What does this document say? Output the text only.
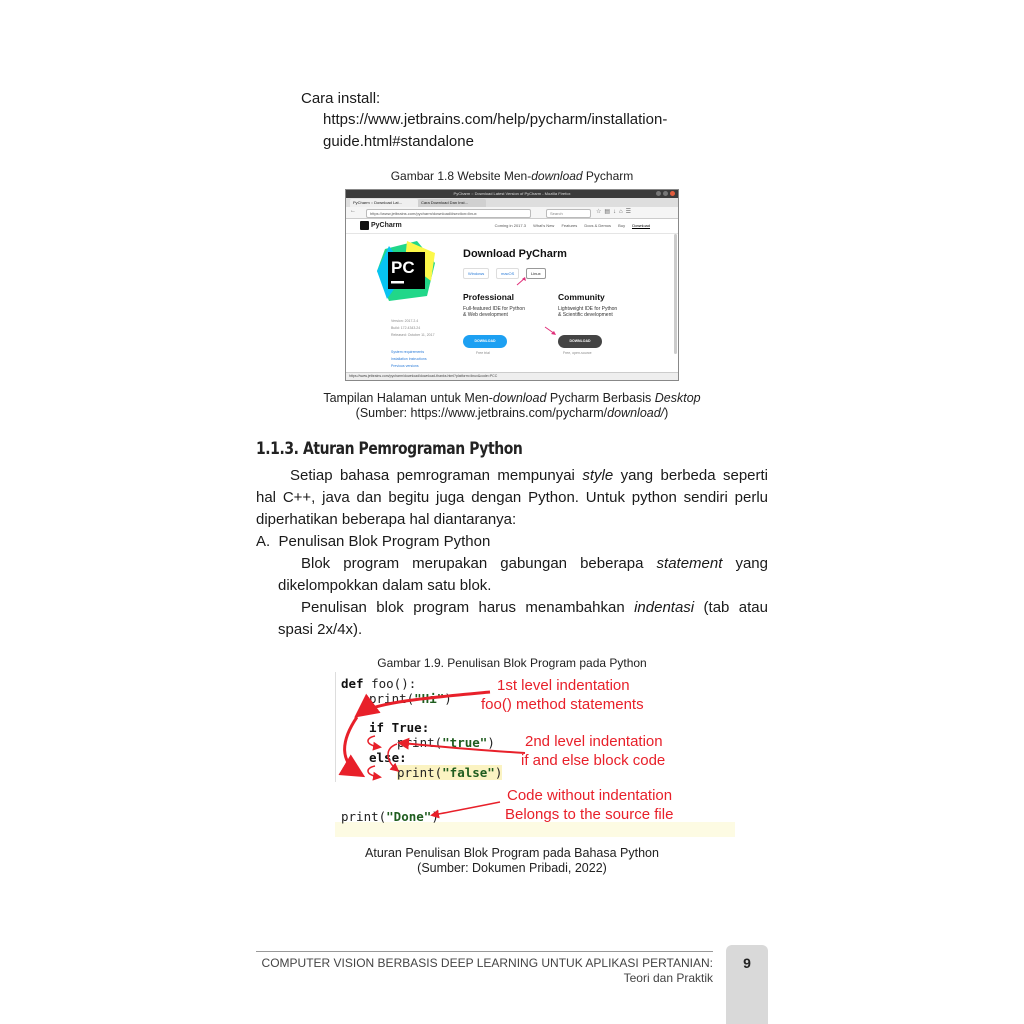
Cara install:
https://www.jetbrains.com/help/pycharm/installation-
guide.html#standalone
Gambar 1.8 Website Men-download Pycharm
PyCharm :: Download Latest Version of PyCharm - Mozilla Firefox
PyCharm :: Download Lat...	Cara Download Dan Inst...
←	https://www.jetbrains.com/pycharm/download/#section=linux	Search	☆▤↓⌂☰
PyCharm	Coming in 2017.3 What's New Features Docs & Demos Buy Download
PC
Download PyCharm
Windows	macOS	Linux
Professional	Community
Full-featured IDE for Python & Web development
Lightweight IDE for Python & Scientific development
DOWNLOAD	DOWNLOAD
Free trial	Free, open-source
Version: 2017.2.4
Build: 172.4343.24
Released: October 11, 2017
System requirements
Installation Instructions
Previous versions
https://www.jetbrains.com/pycharm/download/download-thanks.html?platform=linux&code=PCC
Tampilan Halaman untuk Men-download Pycharm Berbasis Desktop
(Sumber: https://www.jetbrains.com/pycharm/download/)
1.1.3. Aturan Pemrograman Python
Setiap bahasa pemrograman mempunyai style yang berbeda seperti
hal C++, java dan begitu juga dengan Python. Untuk python sendiri perlu
diperhatikan beberapa hal diantaranya:
A.  Penulisan Blok Program Python
Blok program merupakan gabungan beberapa statement yang
dikelompokkan dalam satu blok.
Penulisan blok program harus menambahkan indentasi (tab atau
spasi 2x/4x).
Gambar 1.9. Penulisan Blok Program pada Python
def foo():
print("Hi")
if True:
print("true")
else:
print("false")
print("Done")
1st level indentation
foo() method statements
2nd level indentation
if and else block code
Code without indentation
Belongs to the source file
Aturan Penulisan Blok Program pada Bahasa Python
(Sumber: Dokumen Pribadi, 2022)
COMPUTER VISION BERBASIS DEEP LEARNING UNTUK APLIKASI PERTANIAN:
Teori dan Praktik
9
